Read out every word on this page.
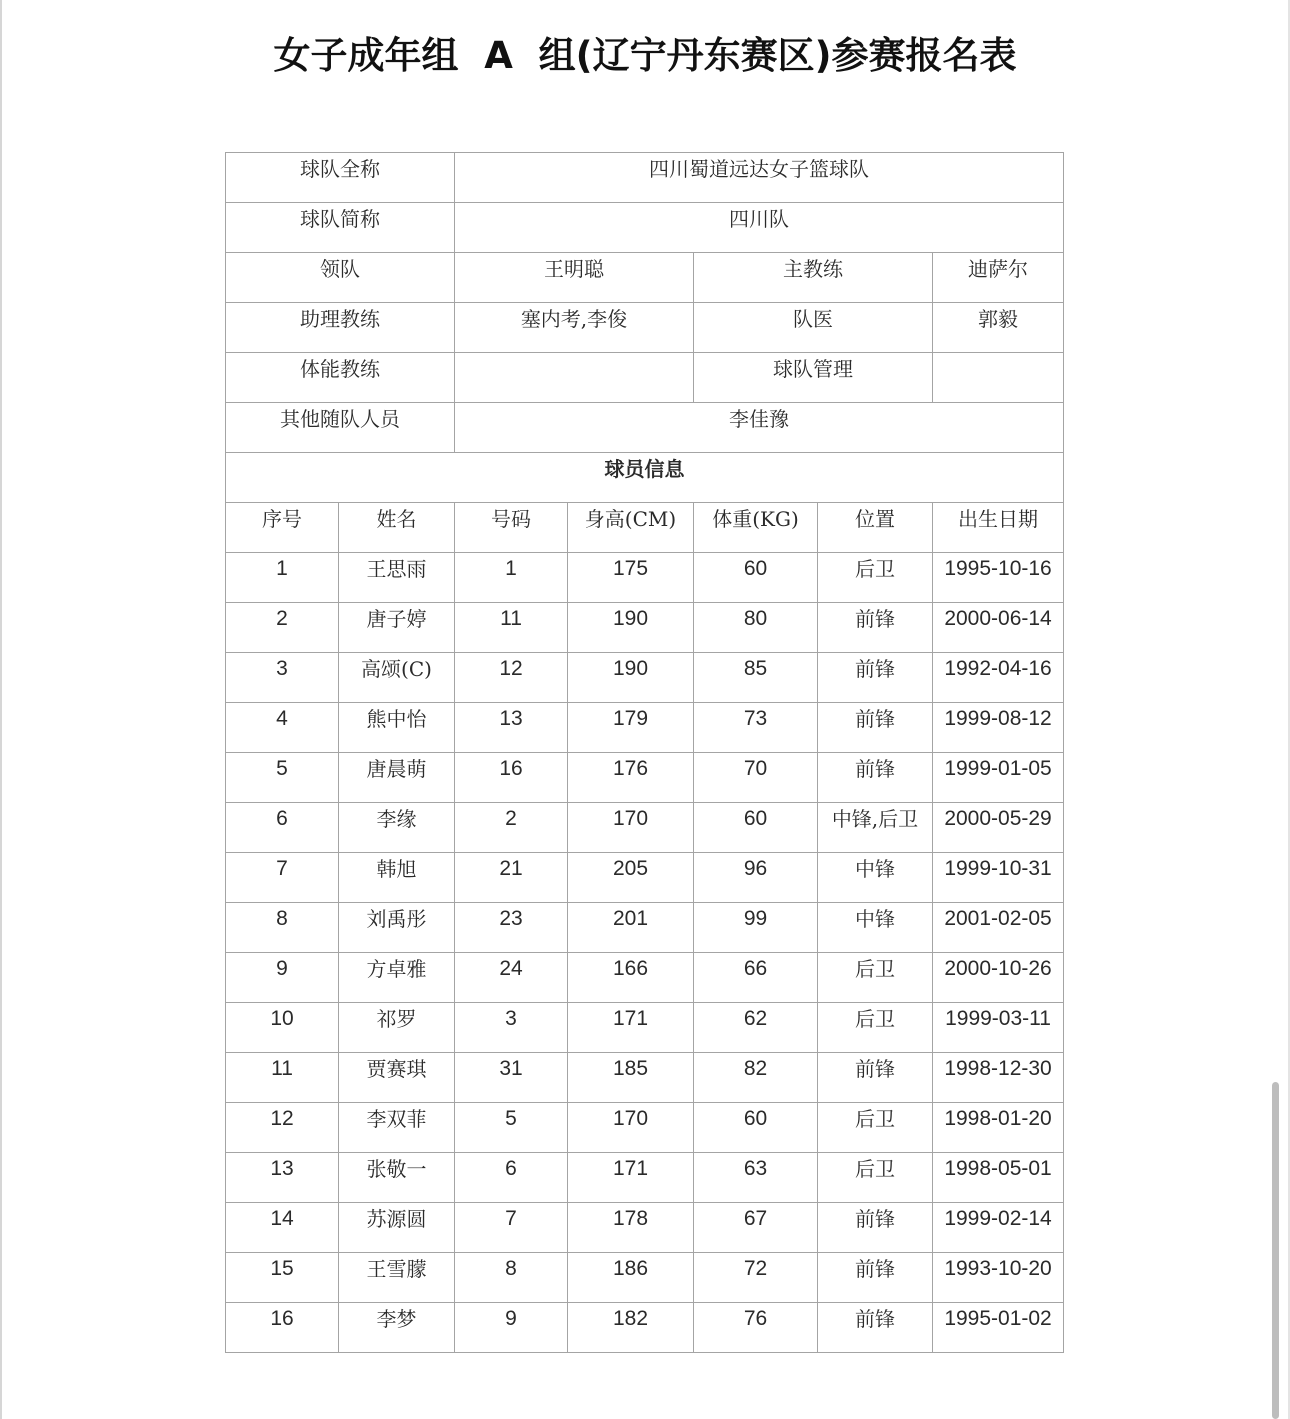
女子成年组  A  组(辽宁丹东赛区)参赛报名表
球队全称		四川蜀道远达女子篮球队				
球队简称		四川队				
领队		王明聪		主教练		迪萨尔
助理教练		塞内考,李俊		队医		郭毅
体能教练				球队管理		
其他随队人员		李佳豫				
球员信息						
序号	姓名	号码	身高(CM)	体重(KG)	位置	出生日期
1	王思雨	1	175	60	后卫	1995-10-16
2	唐子婷	11	190	80	前锋	2000-06-14
3	高颂(C)	12	190	85	前锋	1992-04-16
4	熊中怡	13	179	73	前锋	1999-08-12
5	唐晨萌	16	176	70	前锋	1999-01-05
6	李缘	2	170	60	中锋,后卫	2000-05-29
7	韩旭	21	205	96	中锋	1999-10-31
8	刘禹彤	23	201	99	中锋	2001-02-05
9	方卓雅	24	166	66	后卫	2000-10-26
10	祁罗	3	171	62	后卫	1999-03-11
11	贾赛琪	31	185	82	前锋	1998-12-30
12	李双菲	5	170	60	后卫	1998-01-20
13	张敬一	6	171	63	后卫	1998-05-01
14	苏源圆	7	178	67	前锋	1999-02-14
15	王雪朦	8	186	72	前锋	1993-10-20
16	李梦	9	182	76	前锋	1995-01-02
